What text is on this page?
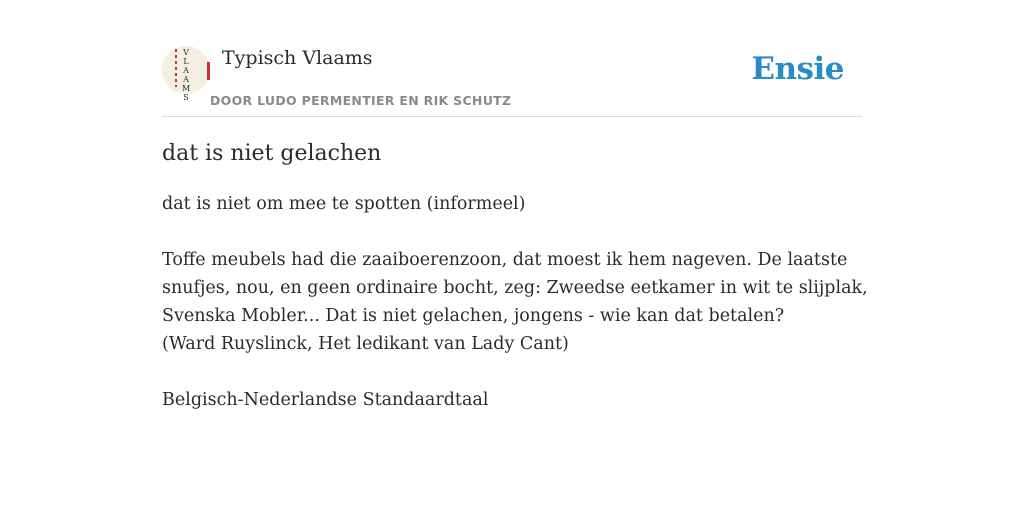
V
L
A
A
M
S
Typisch Vlaams
DOOR LUDO PERMENTIER EN RIK SCHUTZ
Ensie
dat is niet gelachen

dat is niet om mee te spotten (informeel)

Toffe meubels had die zaaiboerenzoon, dat moest ik hem nageven. De laatste

snufjes, nou, en geen ordinaire bocht, zeg: Zweedse eetkamer in wit te slijplak,

Svenska Mobler... Dat is niet gelachen, jongens - wie kan dat betalen?

(Ward Ruyslinck, Het ledikant van Lady Cant)

Belgisch-Nederlandse Standaardtaal
